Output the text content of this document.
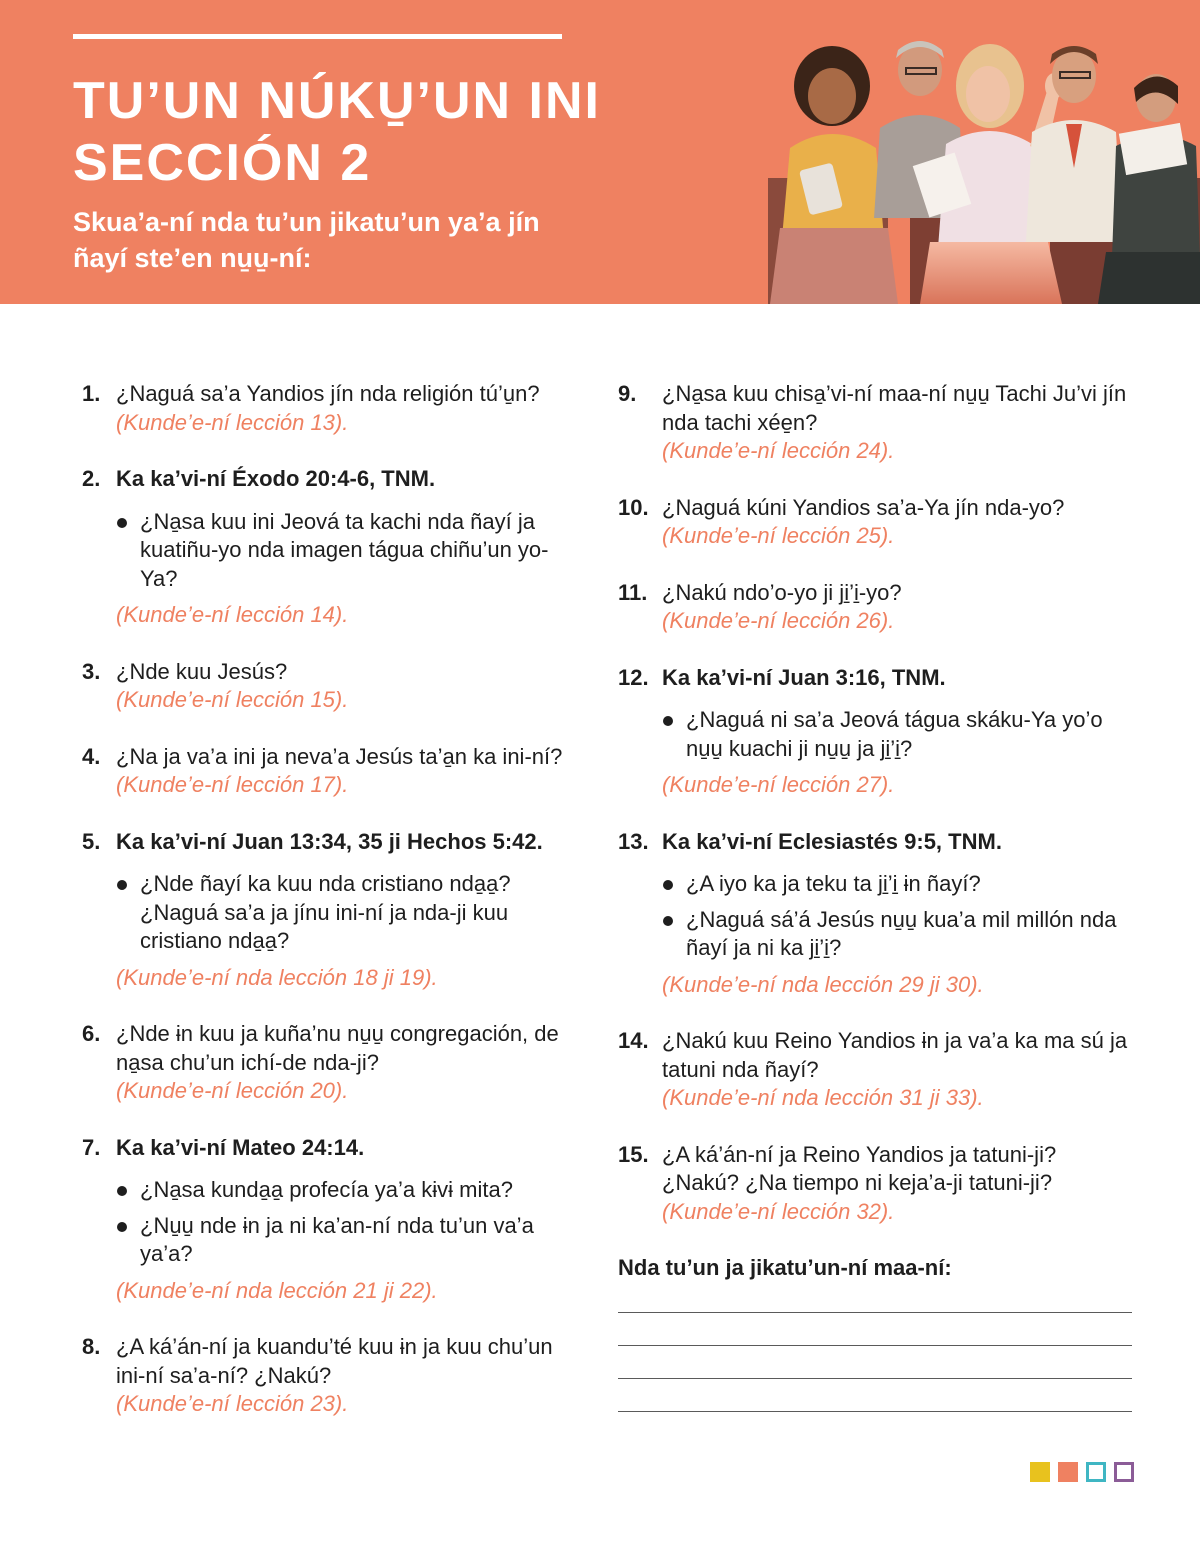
TU’UN NÚKU̱’UN INI
SECCIÓN 2

Skua’a-ní nda tu’un jikatu’un ya’a jín ñayí ste’en nu̱u̱-ní:

1. ¿Naguá sa’a Yandios jín nda religión tú’u̱n?
(Kunde’e-ní lección 13).
2. Ka ka’vi-ní Éxodo 20:4-6, TNM.
¿Na̱sa kuu ini Jeová ta kachi nda ñayí ja kuatiñu-yo nda imagen tágua chiñu’un yo-Ya?
(Kunde’e-ní lección 14).
3. ¿Nde kuu Jesús?
(Kunde’e-ní lección 15).
4. ¿Na ja va’a ini ja neva’a Jesús ta’a̱n ka ini-ní?
(Kunde’e-ní lección 17).
5. Ka ka’vi-ní Juan 13:34, 35 ji Hechos 5:42.
¿Nde ñayí ka kuu nda cristiano nda̱a̱? ¿Naguá sa’a ja jínu ini-ní ja nda-ji kuu cristiano nda̱a̱?
(Kunde’e-ní nda lección 18 ji 19).
6. ¿Nde ɨn kuu ja kuña’nu nu̱u̱ congregación, de na̱sa chu’un ichí-de nda-ji?
(Kunde’e-ní lección 20).
7. Ka ka’vi-ní Mateo 24:14.
¿Na̱sa kunda̱a̱ profecía ya’a kɨvɨ mita?
¿Nu̱u̱ nde ɨn ja ni ka’an-ní nda tu’un va’a ya’a?
(Kunde’e-ní nda lección 21 ji 22).
8. ¿A ká’án-ní ja kuandu’té kuu ɨn ja kuu chu’un ini-ní sa’a-ní? ¿Nakú?
(Kunde’e-ní lección 23).
9. ¿Na̱sa kuu chisa̱’vi-ní maa-ní nu̱u̱ Tachi Ju’vi jín nda tachi xée̱n?
(Kunde’e-ní lección 24).
10. ¿Naguá kúni Yandios sa’a-Ya jín nda-yo?
(Kunde’e-ní lección 25).
11. ¿Nakú ndo’o-yo ji ji̱’i̱-yo?
(Kunde’e-ní lección 26).
12. Ka ka’vi-ní Juan 3:16, TNM.
¿Naguá ni sa’a Jeová tágua skáku-Ya yo’o nu̱u̱ kuachi ji nu̱u̱ ja ji̱’i̱?
(Kunde’e-ní lección 27).
13. Ka ka’vi-ní Eclesiastés 9:5, TNM.
¿A iyo ka ja teku ta ji̱’i̱ ɨn ñayí?
¿Naguá sá’á Jesús nu̱u̱ kua’a mil millón nda ñayí ja ni ka ji̱’i̱?
(Kunde’e-ní nda lección 29 ji 30).
14. ¿Nakú kuu Reino Yandios ɨn ja va’a ka ma sú ja tatuni nda ñayí?
(Kunde’e-ní nda lección 31 ji 33).
15. ¿A ká’án-ní ja Reino Yandios ja tatuni-ji? ¿Nakú? ¿Na tiempo ni keja’a-ji tatuni-ji?
(Kunde’e-ní lección 32).

Nda tu’un ja jikatu’un-ní maa-ní:
